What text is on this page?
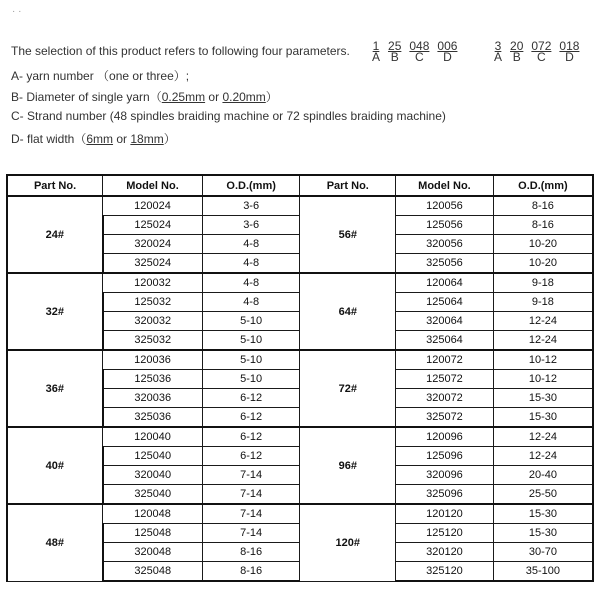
· ·
The selection of this product refers to following four parameters. 1
A
25
B
048
C
006
D
3
A
20
B
072
C
018
D
A- yarn number （one or three）;
B- Diameter of single yarn（0.25mm or 0.20mm）
C- Strand number (48 spindles braiding machine or 72 spindles braiding machine)
D- flat width（6mm or 18mm）
Part No.	Model No.	O.D.(mm)	Part No.	Model No.	O.D.(mm)
24#	120024	3-6	56#	120056	8-16
	125024	3-6		125056	8-16
	320024	4-8		320056	10-20
	325024	4-8		325056	10-20
32#	120032	4-8	64#	120064	9-18
	125032	4-8		125064	9-18
	320032	5-10		320064	12-24
	325032	5-10		325064	12-24
36#	120036	5-10	72#	120072	10-12
	125036	5-10		125072	10-12
	320036	6-12		320072	15-30
	325036	6-12		325072	15-30
40#	120040	6-12	96#	120096	12-24
	125040	6-12		125096	12-24
	320040	7-14		320096	20-40
	325040	7-14		325096	25-50
48#	120048	7-14	120#	120120	15-30
	125048	7-14		125120	15-30
	320048	8-16		320120	30-70
	325048	8-16		325120	35-100
